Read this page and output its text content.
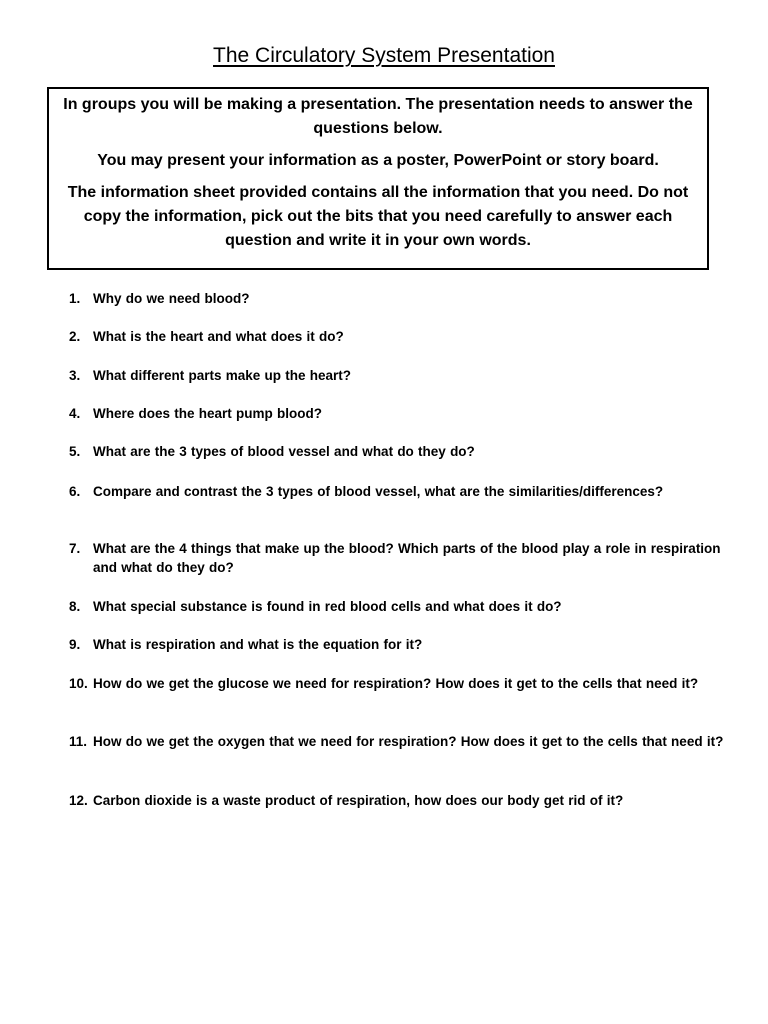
The Circulatory System Presentation

In groups you will be making a presentation. The presentation needs to answer the questions below.

You may present your information as a poster, PowerPoint or story board.

The information sheet provided contains all the information that you need. Do not copy the information, pick out the bits that you need carefully to answer each question and write it in your own words.

1. Why do we need blood?
2. What is the heart and what does it do?
3. What different parts make up the heart?
4. Where does the heart pump blood?
5. What are the 3 types of blood vessel and what do they do?
6. Compare and contrast the 3 types of blood vessel, what are the similarities/differences?
7. What are the 4 things that make up the blood? Which parts of the blood play a role in respiration and what do they do?
8. What special substance is found in red blood cells and what does it do?
9. What is respiration and what is the equation for it?
10. How do we get the glucose we need for respiration? How does it get to the cells that need it?
11. How do we get the oxygen that we need for respiration? How does it get to the cells that need it?
12. Carbon dioxide is a waste product of respiration, how does our body get rid of it?
